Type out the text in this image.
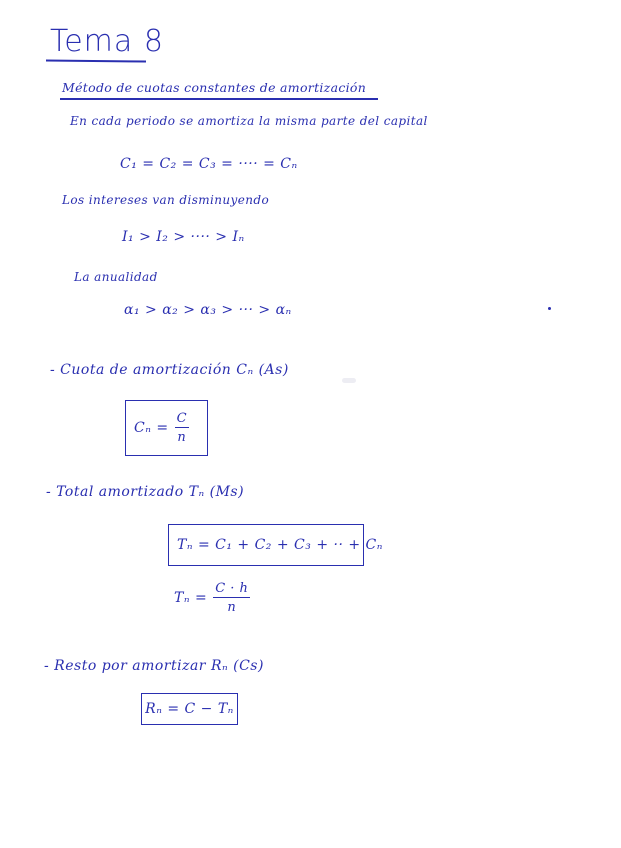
Tema 8
Método de cuotas constantes de amortización
En cada periodo se amortiza la misma parte del capital
C₁ = C₂ = C₃ = ···· = Cₙ
Los intereses van disminuyendo
I₁ > I₂ > ···· > Iₙ
La anualidad
α₁ > α₂ > α₃ > ··· > αₙ
- Cuota de amortización Cₙ (As)
$C_n = \frac{C}{n}$
- Total amortizado Tₙ (Ms)
Tₙ = C₁ + C₂ + C₃ + ·· + Cₙ
$T_n = \frac{C \cdot h}{n}$
- Resto por amortizar Rₙ (Cs)
Rₙ = C − Tₙ
